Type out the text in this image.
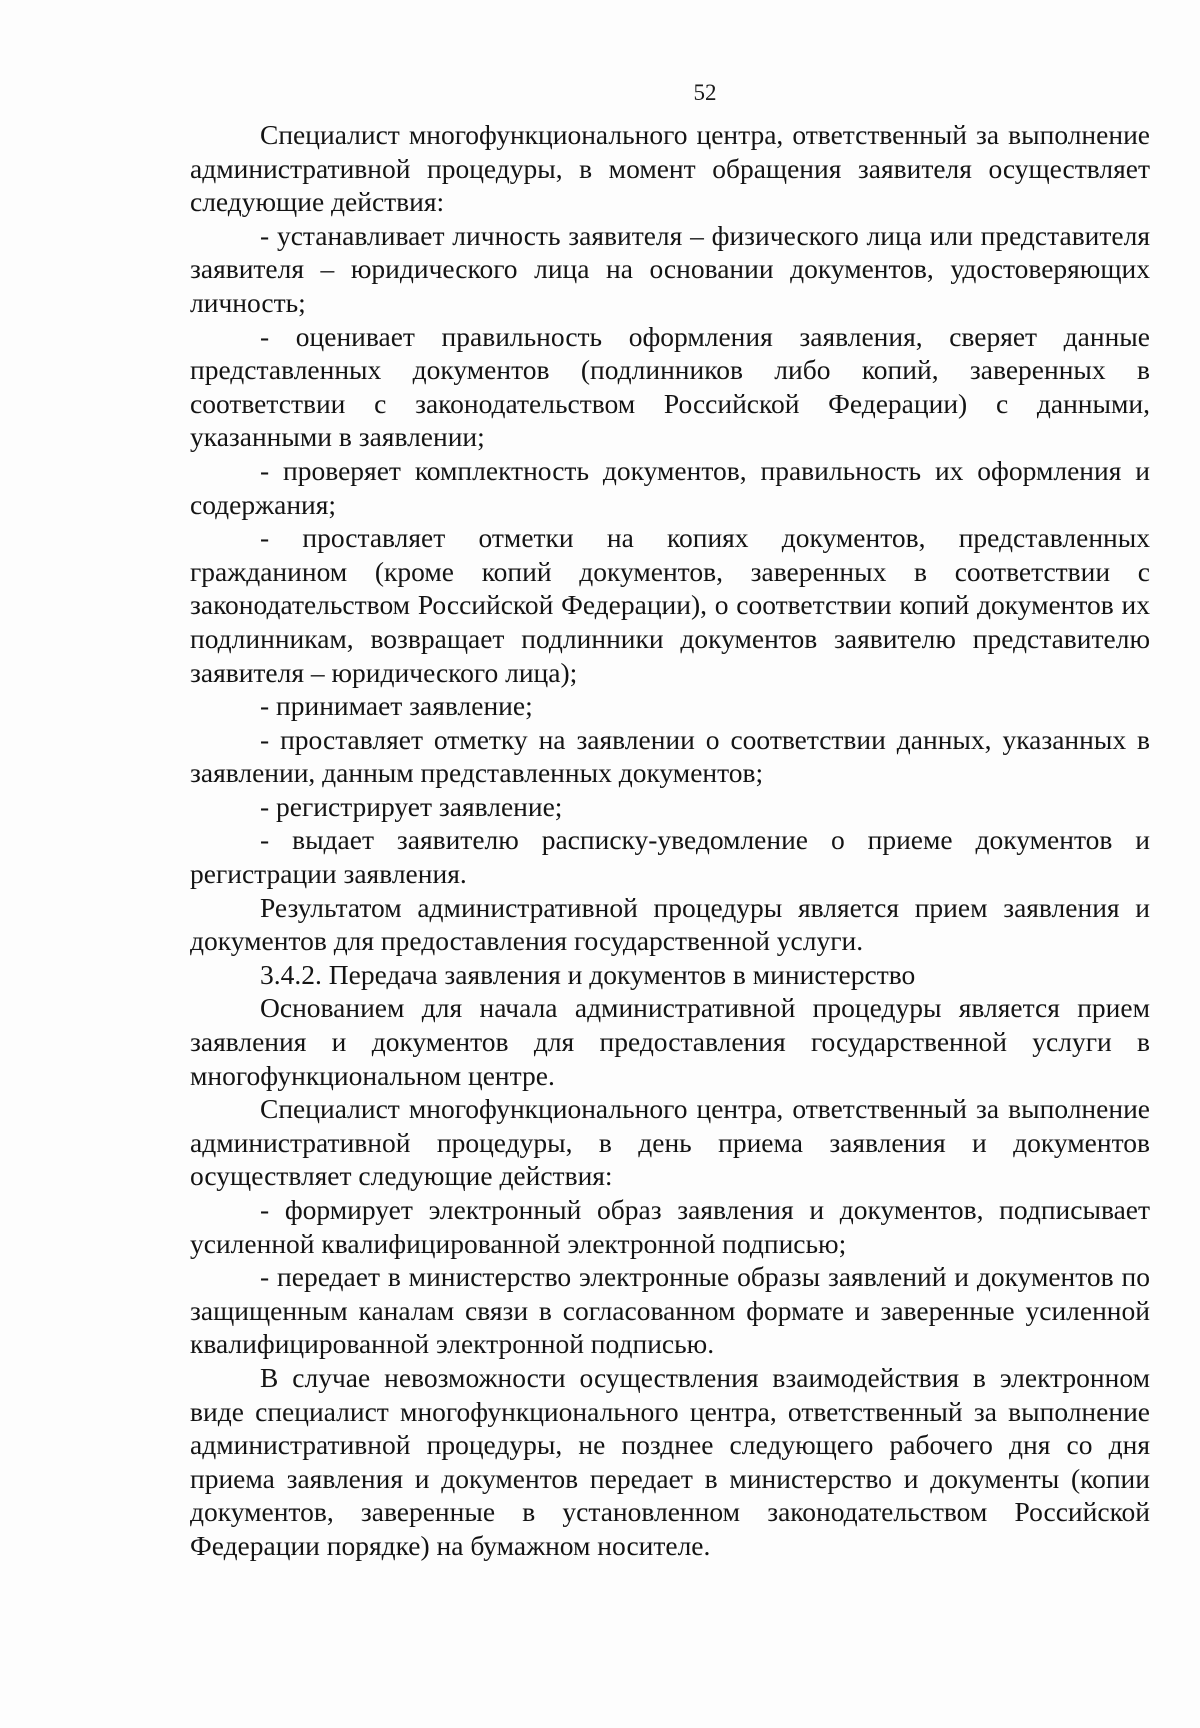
52

Специалист многофункционального центра, ответственный за выполнение административной процедуры, в момент обращения заявителя осуществляет следующие действия:

- устанавливает личность заявителя – физического лица или представителя заявителя – юридического лица на основании документов, удостоверяющих личность;

- оценивает правильность оформления заявления, сверяет данные представленных документов (подлинников либо копий, заверенных в соответствии с законодательством Российской Федерации) с данными, указанными в заявлении;

- проверяет комплектность документов, правильность их оформления и содержания;

- проставляет отметки на копиях документов, представленных гражданином (кроме копий документов, заверенных в соответствии с законодательством Российской Федерации), о соответствии копий документов их подлинникам, возвращает подлинники документов заявителю представителю заявителя – юридического лица);

- принимает заявление;

- проставляет отметку на заявлении о соответствии данных, указанных в заявлении, данным представленных документов;

- регистрирует заявление;

- выдает заявителю расписку-уведомление о приеме документов и регистрации заявления.

Результатом административной процедуры является прием заявления и документов для предоставления государственной услуги.

3.4.2. Передача заявления и документов в министерство

Основанием для начала административной процедуры является прием заявления и документов для предоставления государственной услуги в многофункциональном центре.

Специалист многофункционального центра, ответственный за выполнение административной процедуры, в день приема заявления и документов осуществляет следующие действия:

- формирует электронный образ заявления и документов, подписывает усиленной квалифицированной электронной подписью;

- передает в министерство электронные образы заявлений и документов по защищенным каналам связи в согласованном формате и заверенные усиленной квалифицированной электронной подписью.

В случае невозможности осуществления взаимодействия в электронном виде специалист многофункционального центра, ответственный за выполнение административной процедуры, не позднее следующего рабочего дня со дня приема заявления и документов передает в министерство и документы (копии документов, заверенные в установленном законодательством Российской Федерации порядке) на бумажном носителе.
